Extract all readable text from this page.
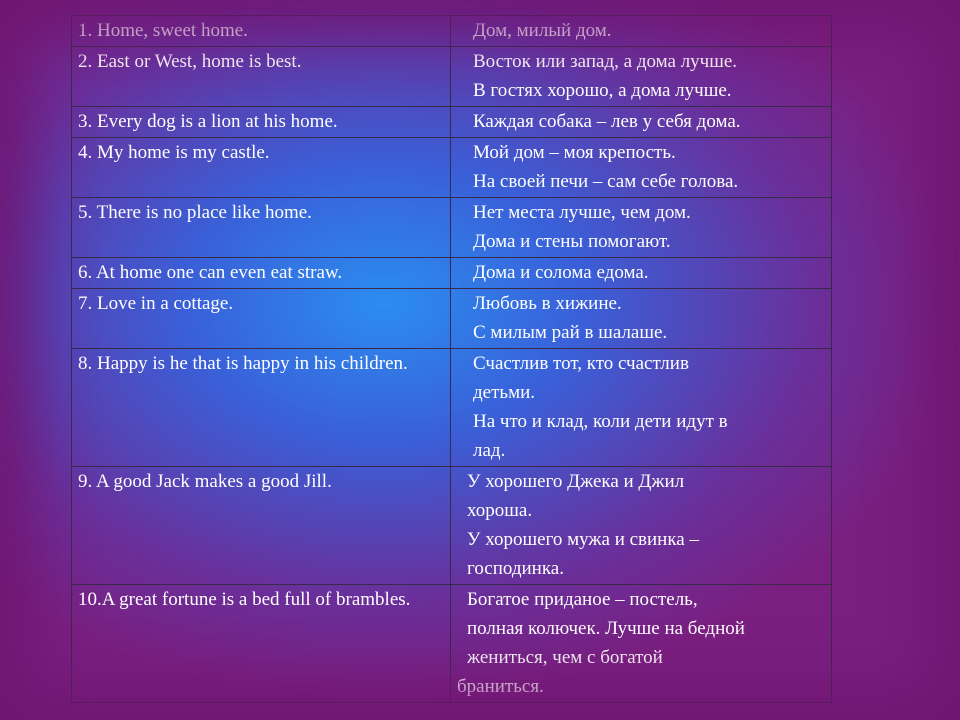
1. Home, sweet home.	Дом, милый дом.

2. East or West, home is best.	Восток или запад, а дома лучше.
В гостях хорошо, а дома лучше.

3. Every dog is a lion at his home.	Каждая собака – лев у себя дома.

4. My home is my castle.	Мой дом – моя крепость.
На своей печи – сам себе голова.

5. There is no place like home.	Нет места лучше, чем дом.
Дома и стены помогают.

6. At home one can even eat straw.	Дома и солома едома.

7. Love in a cottage.	Любовь в хижине.
С милым рай в шалаше.

8. Happy is he that is happy in his children.	Счастлив тот, кто счастлив
детьми.
На что и клад, коли дети идут в
лад.

9. A good Jack makes a good Jill.	У хорошего Джека и Джил
хороша.
У хорошего мужа и свинка –
господинка.

10.A great fortune is a bed full of brambles.	Богатое приданое – постель,
полная колючек. Лучше на бедной
жениться, чем с богатой
браниться.
